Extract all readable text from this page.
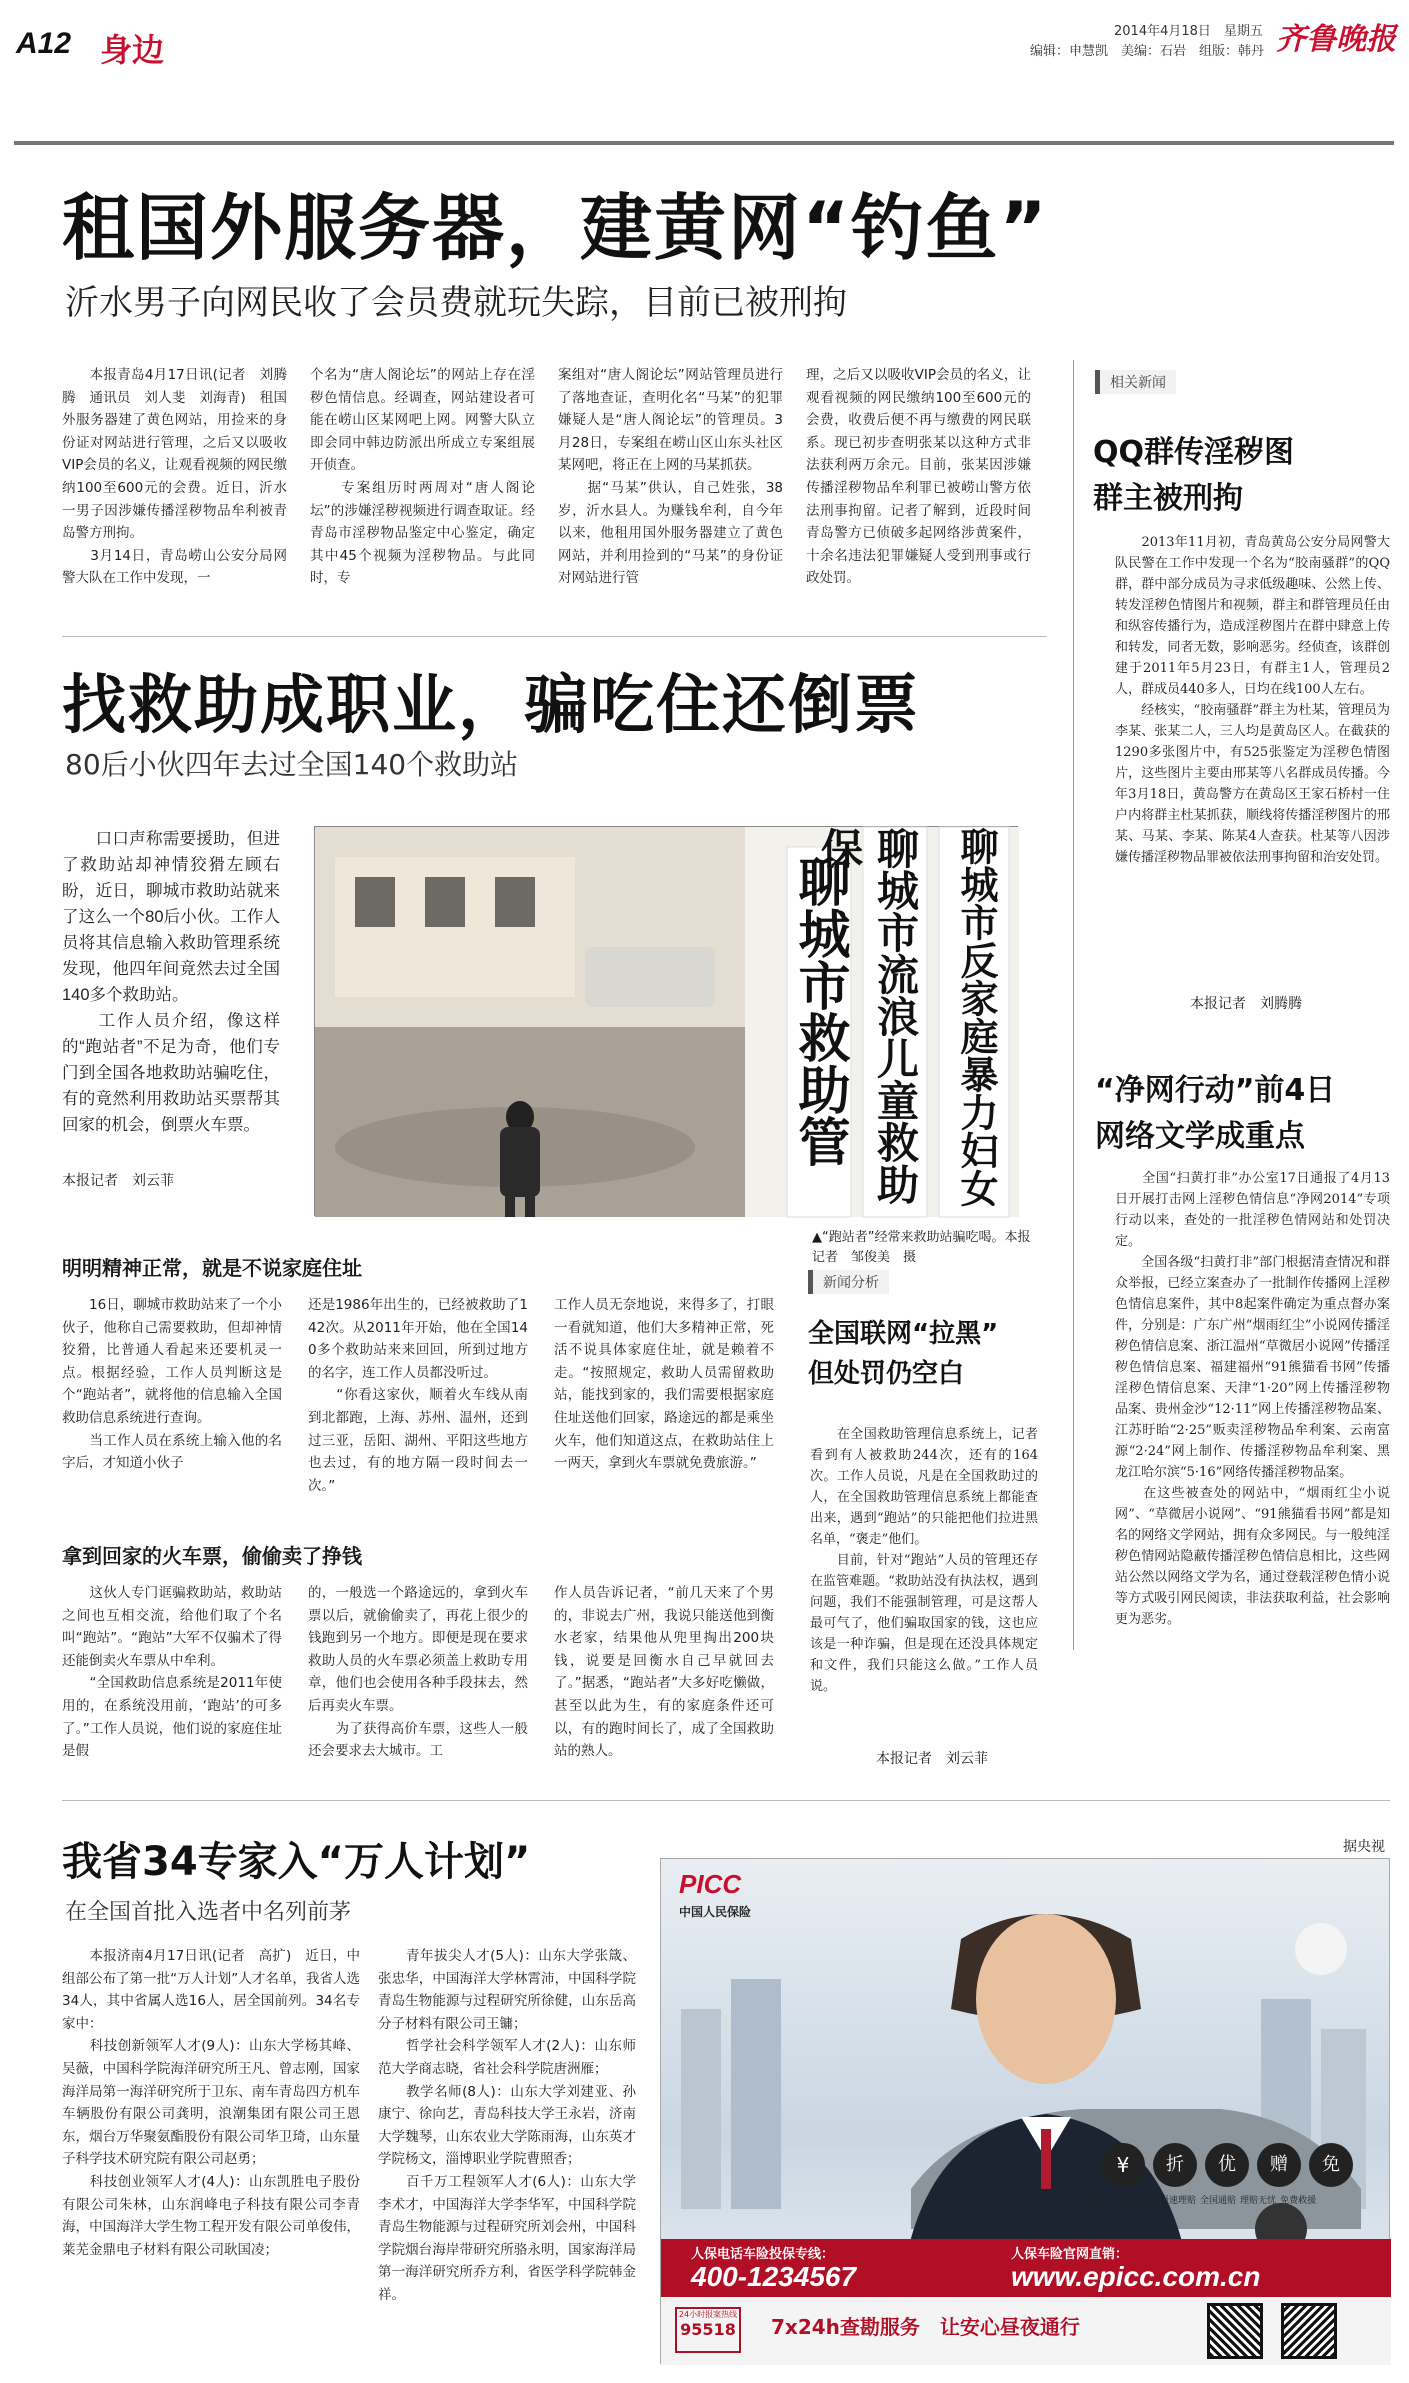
A12 身边	2014年4月18日　星期五
编辑：申慧凯　美编：石岩　组版：韩丹 齐鲁晚报
租国外服务器，建黄网“钓鱼”
沂水男子向网民收了会员费就玩失踪，目前已被刑拘
　　本报青岛4月17日讯(记者　刘腾腾　通讯员　刘人斐　刘海青)　租国外服务器建了黄色网站，用捡来的身份证对网站进行管理，之后又以吸收VIP会员的名义，让观看视频的网民缴纳100至600元的会费。近日，沂水一男子因涉嫌传播淫秽物品牟利被青岛警方刑拘。
　　3月14日，青岛崂山公安分局网警大队在工作中发现，一
个名为“唐人阁论坛”的网站上存在淫秽色情信息。经调查，网站建设者可能在崂山区某网吧上网。网警大队立即会同中韩边防派出所成立专案组展开侦查。
　　专案组历时两周对“唐人阁论坛”的涉嫌淫秽视频进行调查取证。经青岛市淫秽物品鉴定中心鉴定，确定其中45个视频为淫秽物品。与此同时，专
案组对“唐人阁论坛”网站管理员进行了落地查证，查明化名“马某”的犯罪嫌疑人是“唐人阁论坛”的管理员。3月28日，专案组在崂山区山东头社区某网吧，将正在上网的马某抓获。
　　据“马某”供认，自己姓张，38岁，沂水县人。为赚钱牟利，自今年以来，他租用国外服务器建立了黄色网站，并利用捡到的“马某”的身份证对网站进行管
理，之后又以吸收VIP会员的名义，让观看视频的网民缴纳100至600元的会费，收费后便不再与缴费的网民联系。现已初步查明张某以这种方式非法获利两万余元。目前，张某因涉嫌传播淫秽物品牟利罪已被崂山警方依法刑事拘留。记者了解到，近段时间青岛警方已侦破多起网络涉黄案件，十余名违法犯罪嫌疑人受到刑事或行政处罚。
相关新闻
QQ群传淫秽图
群主被刑拘
　　2013年11月初，青岛黄岛公安分局网警大队民警在工作中发现一个名为“胶南骚群”的QQ群，群中部分成员为寻求低级趣味、公然上传、转发淫秽色情图片和视频，群主和群管理员任由和纵容传播行为，造成淫秽图片在群中肆意上传和转发，同者无数，影响恶劣。经侦查，该群创建于2011年5月23日，有群主1人，管理员2人，群成员440多人，日均在线100人左右。
　　经核实，“胶南骚群”群主为杜某，管理员为李某、张某二人，三人均是黄岛区人。在截获的1290多张图片中，有525张鉴定为淫秽色情图片，这些图片主要由邢某等八名群成员传播。今年3月18日，黄岛警方在黄岛区王家石桥村一住户内将群主杜某抓获，顺线将传播淫秽图片的邢某、马某、李某、陈某4人查获。杜某等八因涉嫌传播淫秽物品罪被依法刑事拘留和治安处罚。
本报记者　刘腾腾
“净网行动”前4日
网络文学成重点
　　全国“扫黄打非”办公室17日通报了4月13日开展打击网上淫秽色情信息“净网2014”专项行动以来，查处的一批淫秽色情网站和处罚决定。
　　全国各级“扫黄打非”部门根据清查情况和群众举报，已经立案查办了一批制作传播网上淫秽色情信息案件，其中8起案件确定为重点督办案件，分别是：广东广州“烟雨红尘”小说网传播淫秽色情信息案、浙江温州“草微居小说网”传播淫秽色情信息案、福建福州“91熊猫看书网”传播淫秽色情信息案、天津“1·20”网上传播淫秽物品案、贵州金沙“12·11”网上传播淫秽物品案、江苏盱眙“2·25”贩卖淫秽物品牟利案、云南富源“2·24”网上制作、传播淫秽物品牟利案、黑龙江哈尔滨“5·16”网络传播淫秽物品案。
　　在这些被查处的网站中，“烟雨红尘小说网”、“草微居小说网”、“91熊猫看书网”都是知名的网络文学网站，拥有众多网民。与一般纯淫秽色情网站隐蔽传播淫秽色情信息相比，这些网站公然以网络文学为名，通过登载淫秽色情小说等方式吸引网民阅读，非法获取利益，社会影响更为恶劣。
据央视
找救助成职业，骗吃住还倒票
80后小伙四年去过全国140个救助站
　　口口声称需要援助，但进了救助站却神情狡猾左顾右盼，近日，聊城市救助站就来了这么一个80后小伙。工作人员将其信息输入救助管理系统发现，他四年间竟然去过全国140多个救助站。
　　工作人员介绍，像这样的“跑站者”不足为奇，他们专门到全国各地救助站骗吃住，有的竟然利用救助站买票帮其回家的机会，倒票火车票。
本报记者　刘云菲
聊城市救助管 聊城市流浪儿童救助保	聊城市反家庭暴力妇女
▲“跑站者”经常来救助站骗吃喝。本报记者　邹俊美　摄
明明精神正常，就是不说家庭住址
　　16日，聊城市救助站来了一个小伙子，他称自己需要救助，但却神情狡猾，比普通人看起来还要机灵一点。根据经验，工作人员判断这是个“跑站者”，就将他的信息输入全国救助信息系统进行查询。
　　当工作人员在系统上输入他的名字后，才知道小伙子
还是1986年出生的，已经被救助了142次。从2011年开始，他在全国140多个救助站来来回回，所到过地方的名字，连工作人员都没听过。
　　“你看这家伙，顺着火车线从南到北都跑，上海、苏州、温州，还到过三亚，岳阳、湖州、平阳这些地方也去过，有的地方隔一段时间去一次。”
工作人员无奈地说，来得多了，打眼一看就知道，他们大多精神正常，死活不说具体家庭住址，就是赖着不走。“按照规定，救助人员需留救助站，能找到家的，我们需要根据家庭住址送他们回家，路途远的都是乘坐火车，他们知道这点，在救助站住上一两天，拿到火车票就免费旅游。”
拿到回家的火车票，偷偷卖了挣钱
　　这伙人专门诓骗救助站，救助站之间也互相交流，给他们取了个名叫“跑站”。“跑站”大军不仅骗术了得还能倒卖火车票从中牟利。
　　“全国救助信息系统是2011年使用的，在系统没用前，‘跑站’的可多了。”工作人员说，他们说的家庭住址是假
的，一般选一个路途远的，拿到火车票以后，就偷偷卖了，再花上很少的钱跑到另一个地方。即便是现在要求救助人员的火车票必须盖上救助专用章，他们也会使用各种手段抹去，然后再卖火车票。
　　为了获得高价车票，这些人一般还会要求去大城市。工
作人员告诉记者，“前几天来了个男的，非说去广州，我说只能送他到衡水老家，结果他从兜里掏出200块钱，说要是回衡水自己早就回去了。”据悉，“跑站者”大多好吃懒做，甚至以此为生，有的家庭条件还可以，有的跑时间长了，成了全国救助站的熟人。
新闻分析
全国联网“拉黑”
但处罚仍空白
　　在全国救助管理信息系统上，记者看到有人被救助244次，还有的164次。工作人员说，凡是在全国救助过的人，在全国救助管理信息系统上都能查出来，遇到“跑站”的只能把他们拉进黑名单，“褒走”他们。
　　目前，针对“跑站”人员的管理还存在监管难题。“救助站没有执法权，遇到问题，我们不能强制管理，可是这帮人最可气了，他们骗取国家的钱，这也应该是一种诈骗，但是现在还没具体规定和文件，我们只能这么做。”工作人员说。
本报记者　刘云菲
我省34专家入“万人计划”
在全国首批入选者中名列前茅
　　本报济南4月17日讯(记者　高扩)　近日，中组部公布了第一批“万人计划”人才名单，我省人选34人，其中省属人选16人，居全国前列。34名专家中：
　　科技创新领军人才(9人)：山东大学杨其峰、吴薇，中国科学院海洋研究所王凡、曾志刚，国家海洋局第一海洋研究所于卫东、南车青岛四方机车车辆股份有限公司龚明，浪潮集团有限公司王恩东，烟台万华聚氨酯股份有限公司华卫琦，山东量子科学技术研究院有限公司赵勇；
　　科技创业领军人才(4人)：山东凯胜电子股份有限公司朱林，山东润峰电子科技有限公司李青海，中国海洋大学生物工程开发有限公司单俊伟，莱芜金鼎电子材料有限公司耿国凌；
　　青年拔尖人才(5人)：山东大学张箴、张忠华，中国海洋大学林霄沛，中国科学院青岛生物能源与过程研究所徐健，山东岳高分子材料有限公司王镛；
　　哲学社会科学领军人才(2人)：山东师范大学商志晓，省社会科学院唐洲雁；
　　教学名师(8人)：山东大学刘建亚、孙康宁、徐向艺，青岛科技大学王永岩，济南大学魏琴，山东农业大学陈雨海，山东英才学院杨文，淄博职业学院曹照香；
　　百千万工程领军人才(6人)：山东大学李术才，中国海洋大学李华军，中国科学院青岛生物能源与过程研究所刘会州，中国科学院烟台海岸带研究所骆永明，国家海洋局第一海洋研究所乔方利，省医学科学院韩金祥。
PICC
中国人民保险
¥	折	优	赠	免
商业险优惠15% 极速理赔 全国通赔 理赔无忧 免费救援
人保电话车险投保专线：
400-1234567
人保车险官网直销：
www.epicc.com.cn
24小时报案热线
95518 7x24h查勘服务　让安心昼夜通行
